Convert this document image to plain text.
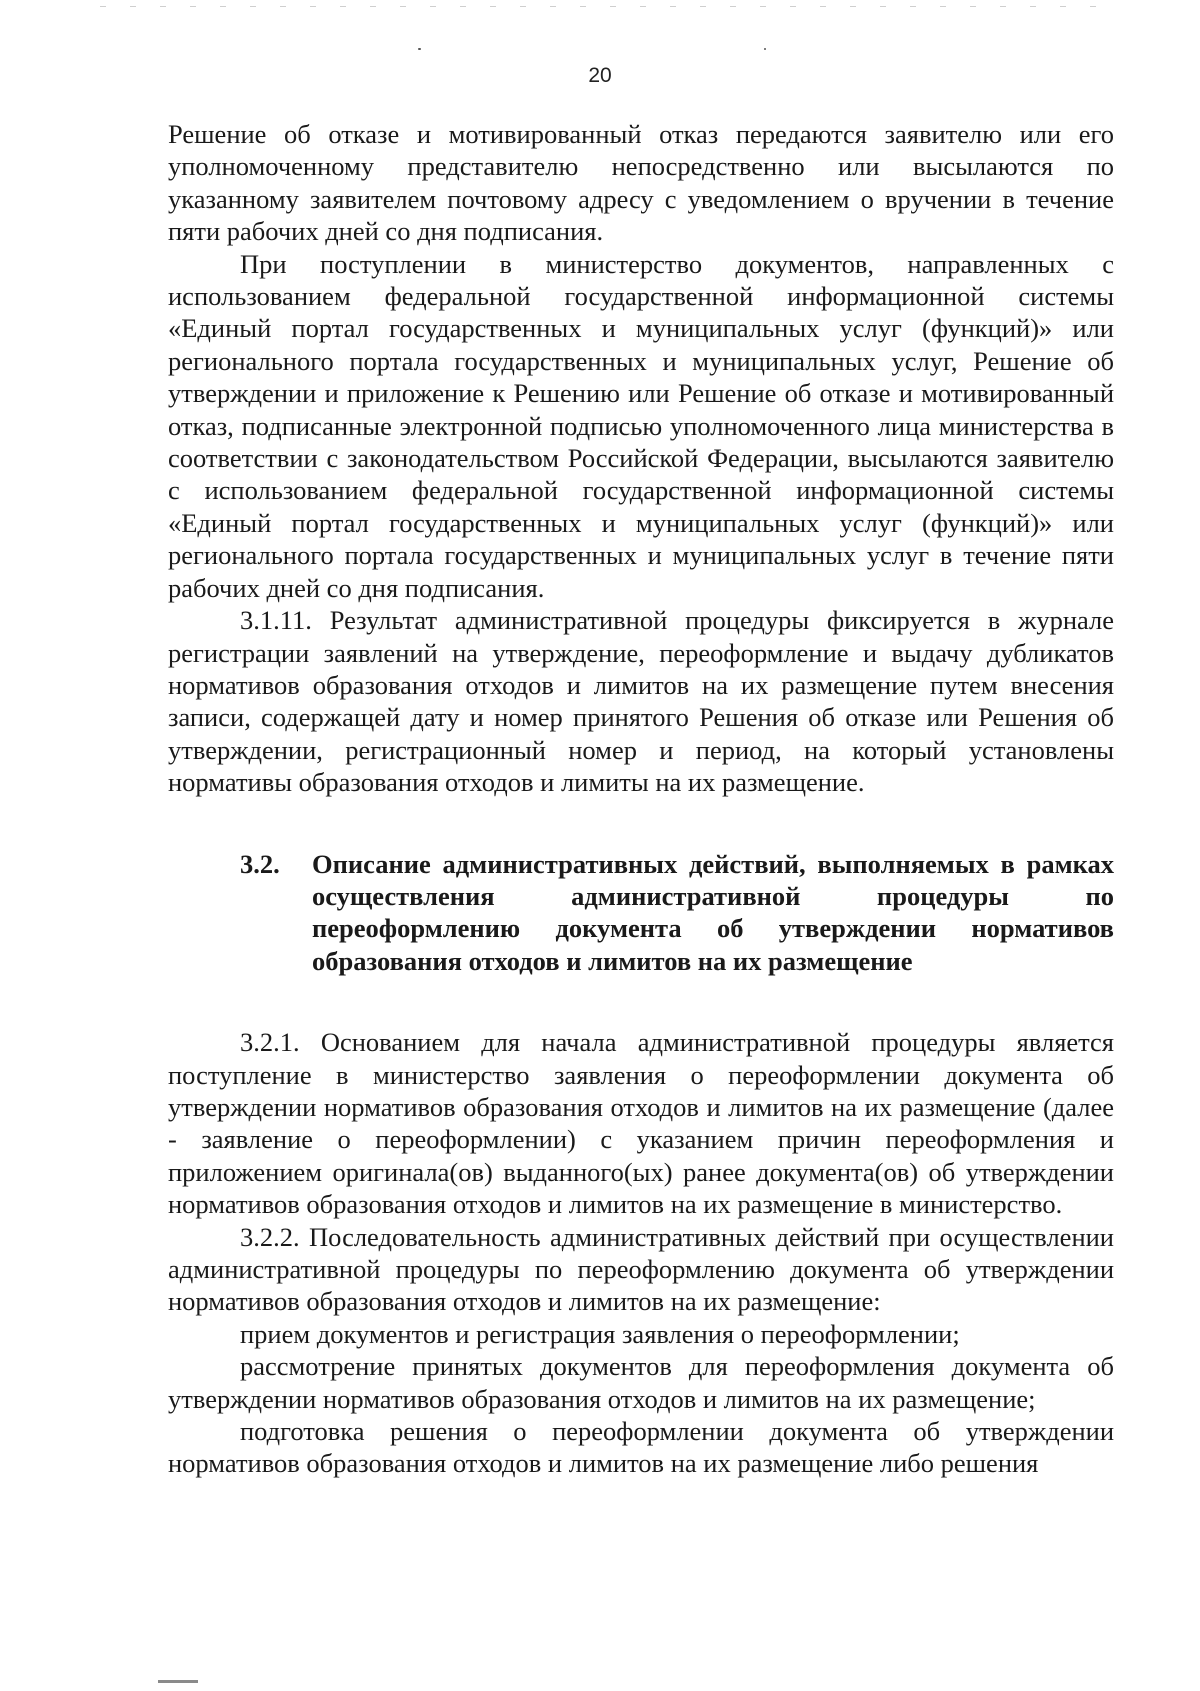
20

Решение об отказе и мотивированный отказ передаются заявителю или его уполномоченному представителю непосредственно или высылаются по указанному заявителем почтовому адресу с уведомлением о вручении в течение пяти рабочих дней со дня подписания.

При поступлении в министерство документов, направленных с использованием федеральной государственной информационной системы «Единый портал государственных и муниципальных услуг (функций)» или регионального портала государственных и муниципальных услуг, Решение об утверждении и приложение к Решению или Решение об отказе и мотивированный отказ, подписанные электронной подписью уполномоченного лица министерства в соответствии с законодательством Российской Федерации, высылаются заявителю с использованием федеральной государственной информационной системы «Единый портал государственных и муниципальных услуг (функций)» или регионального портала государственных и муниципальных услуг в течение пяти рабочих дней со дня подписания.

3.1.11. Результат административной процедуры фиксируется в журнале регистрации заявлений на утверждение, переоформление и выдачу дубликатов нормативов образования отходов и лимитов на их размещение путем внесения записи, содержащей дату и номер принятого Решения об отказе или Решения об утверждении, регистрационный номер и период, на который установлены нормативы образования отходов и лимиты на их размещение.

3.2.	Описание административных действий, выполняемых в рамках осуществления административной процедуры по переоформлению документа об утверждении нормативов образования отходов и лимитов на их размещение

3.2.1. Основанием для начала административной процедуры является поступление в министерство заявления о переоформлении документа об утверждении нормативов образования отходов и лимитов на их размещение (далее - заявление о переоформлении) с указанием причин переоформления и приложением оригинала(ов) выданного(ых) ранее документа(ов) об утверждении нормативов образования отходов и лимитов на их размещение в министерство.

3.2.2. Последовательность административных действий при осуществлении административной процедуры по переоформлению документа об утверждении нормативов образования отходов и лимитов на их размещение:

прием документов и регистрация заявления о переоформлении;

рассмотрение принятых документов для переоформления документа об утверждении нормативов образования отходов и лимитов на их размещение;

подготовка решения о переоформлении документа об утверждении нормативов образования отходов и лимитов на их размещение либо решения
